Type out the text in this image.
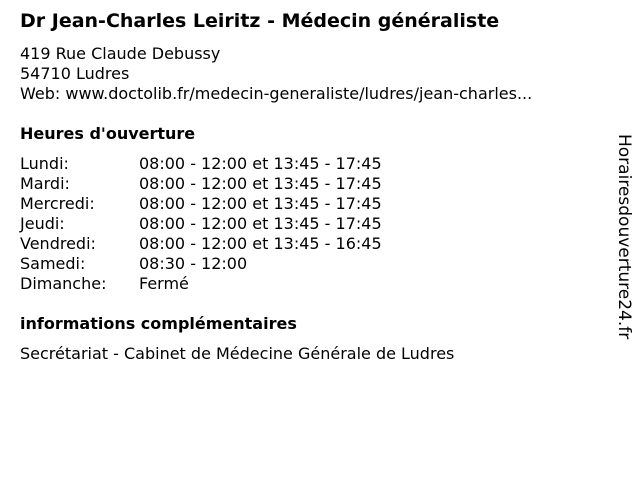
Dr Jean-Charles Leiritz - Médecin généraliste
419 Rue Claude Debussy
54710 Ludres
Web: www.doctolib.fr/medecin-generaliste/ludres/jean-charles...
Heures d'ouverture
Lundi:	08:00 - 12:00 et 13:45 - 17:45
Mardi:	08:00 - 12:00 et 13:45 - 17:45
Mercredi:	08:00 - 12:00 et 13:45 - 17:45
Jeudi:	08:00 - 12:00 et 13:45 - 17:45
Vendredi:	08:00 - 12:00 et 13:45 - 16:45
Samedi:	08:30 - 12:00
Dimanche: Fermé
informations complémentaires
Secrétariat - Cabinet de Médecine Générale de Ludres
Horairesdouverture24.fr
